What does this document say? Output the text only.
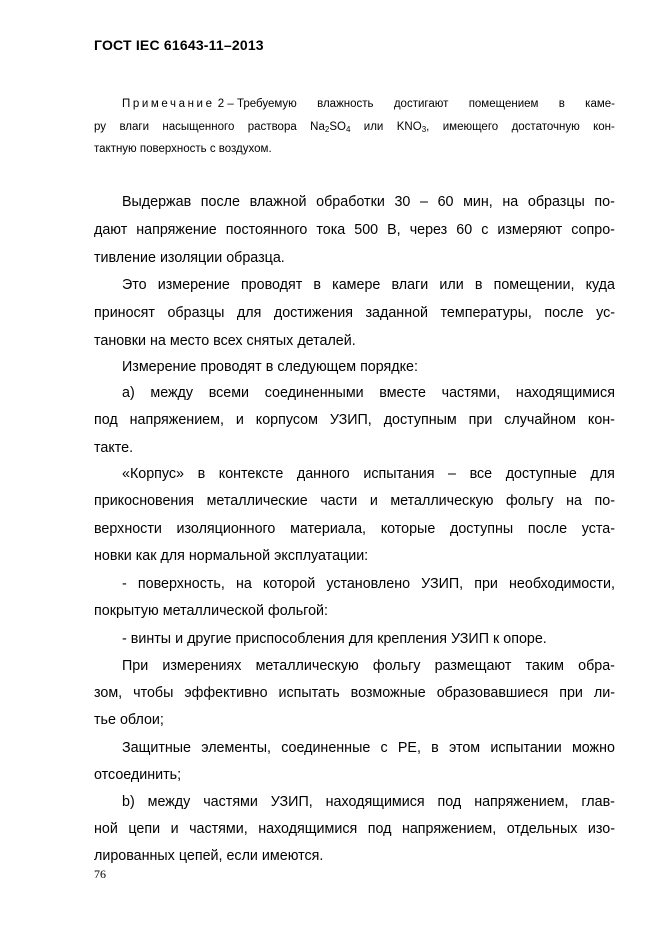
ГОСТ IEC 61643-11–2013
Примечание 2 – Требуемую влажность достигают помещением в каме-
ру влаги насыщенного раствора $Na_2SO_4$ или $KNO_3$, имеющего достаточную кон-
тактную поверхность с воздухом.
Выдержав после влажной обработки 30 – 60 мин, на образцы по-
дают напряжение постоянного тока 500 В, через 60 с измеряют сопро-
тивление изоляции образца.
Это измерение проводят в камере влаги или в помещении, куда
приносят образцы для достижения заданной температуры, после ус-
тановки на место всех снятых деталей.
Измерение проводят в следующем порядке:
а) между всеми соединенными вместе частями, находящимися
под напряжением, и корпусом УЗИП, доступным при случайном кон-
такте.
«Корпус» в контексте данного испытания – все доступные для
прикосновения металлические части и металлическую фольгу на по-
верхности изоляционного материала, которые доступны после уста-
новки как для нормальной эксплуатации:
- поверхность, на которой установлено УЗИП, при необходимости,
покрытую металлической фольгой:
- винты и другие приспособления для крепления УЗИП к опоре.
При измерениях металлическую фольгу размещают таким обра-
зом, чтобы эффективно испытать возможные образовавшиеся при ли-
тье облои;
Защитные элементы, соединенные с PE, в этом испытании можно
отсоединить;
b) между частями УЗИП, находящимися под напряжением, глав-
ной цепи и частями, находящимися под напряжением, отдельных изо-
лированных цепей, если имеются.
76
